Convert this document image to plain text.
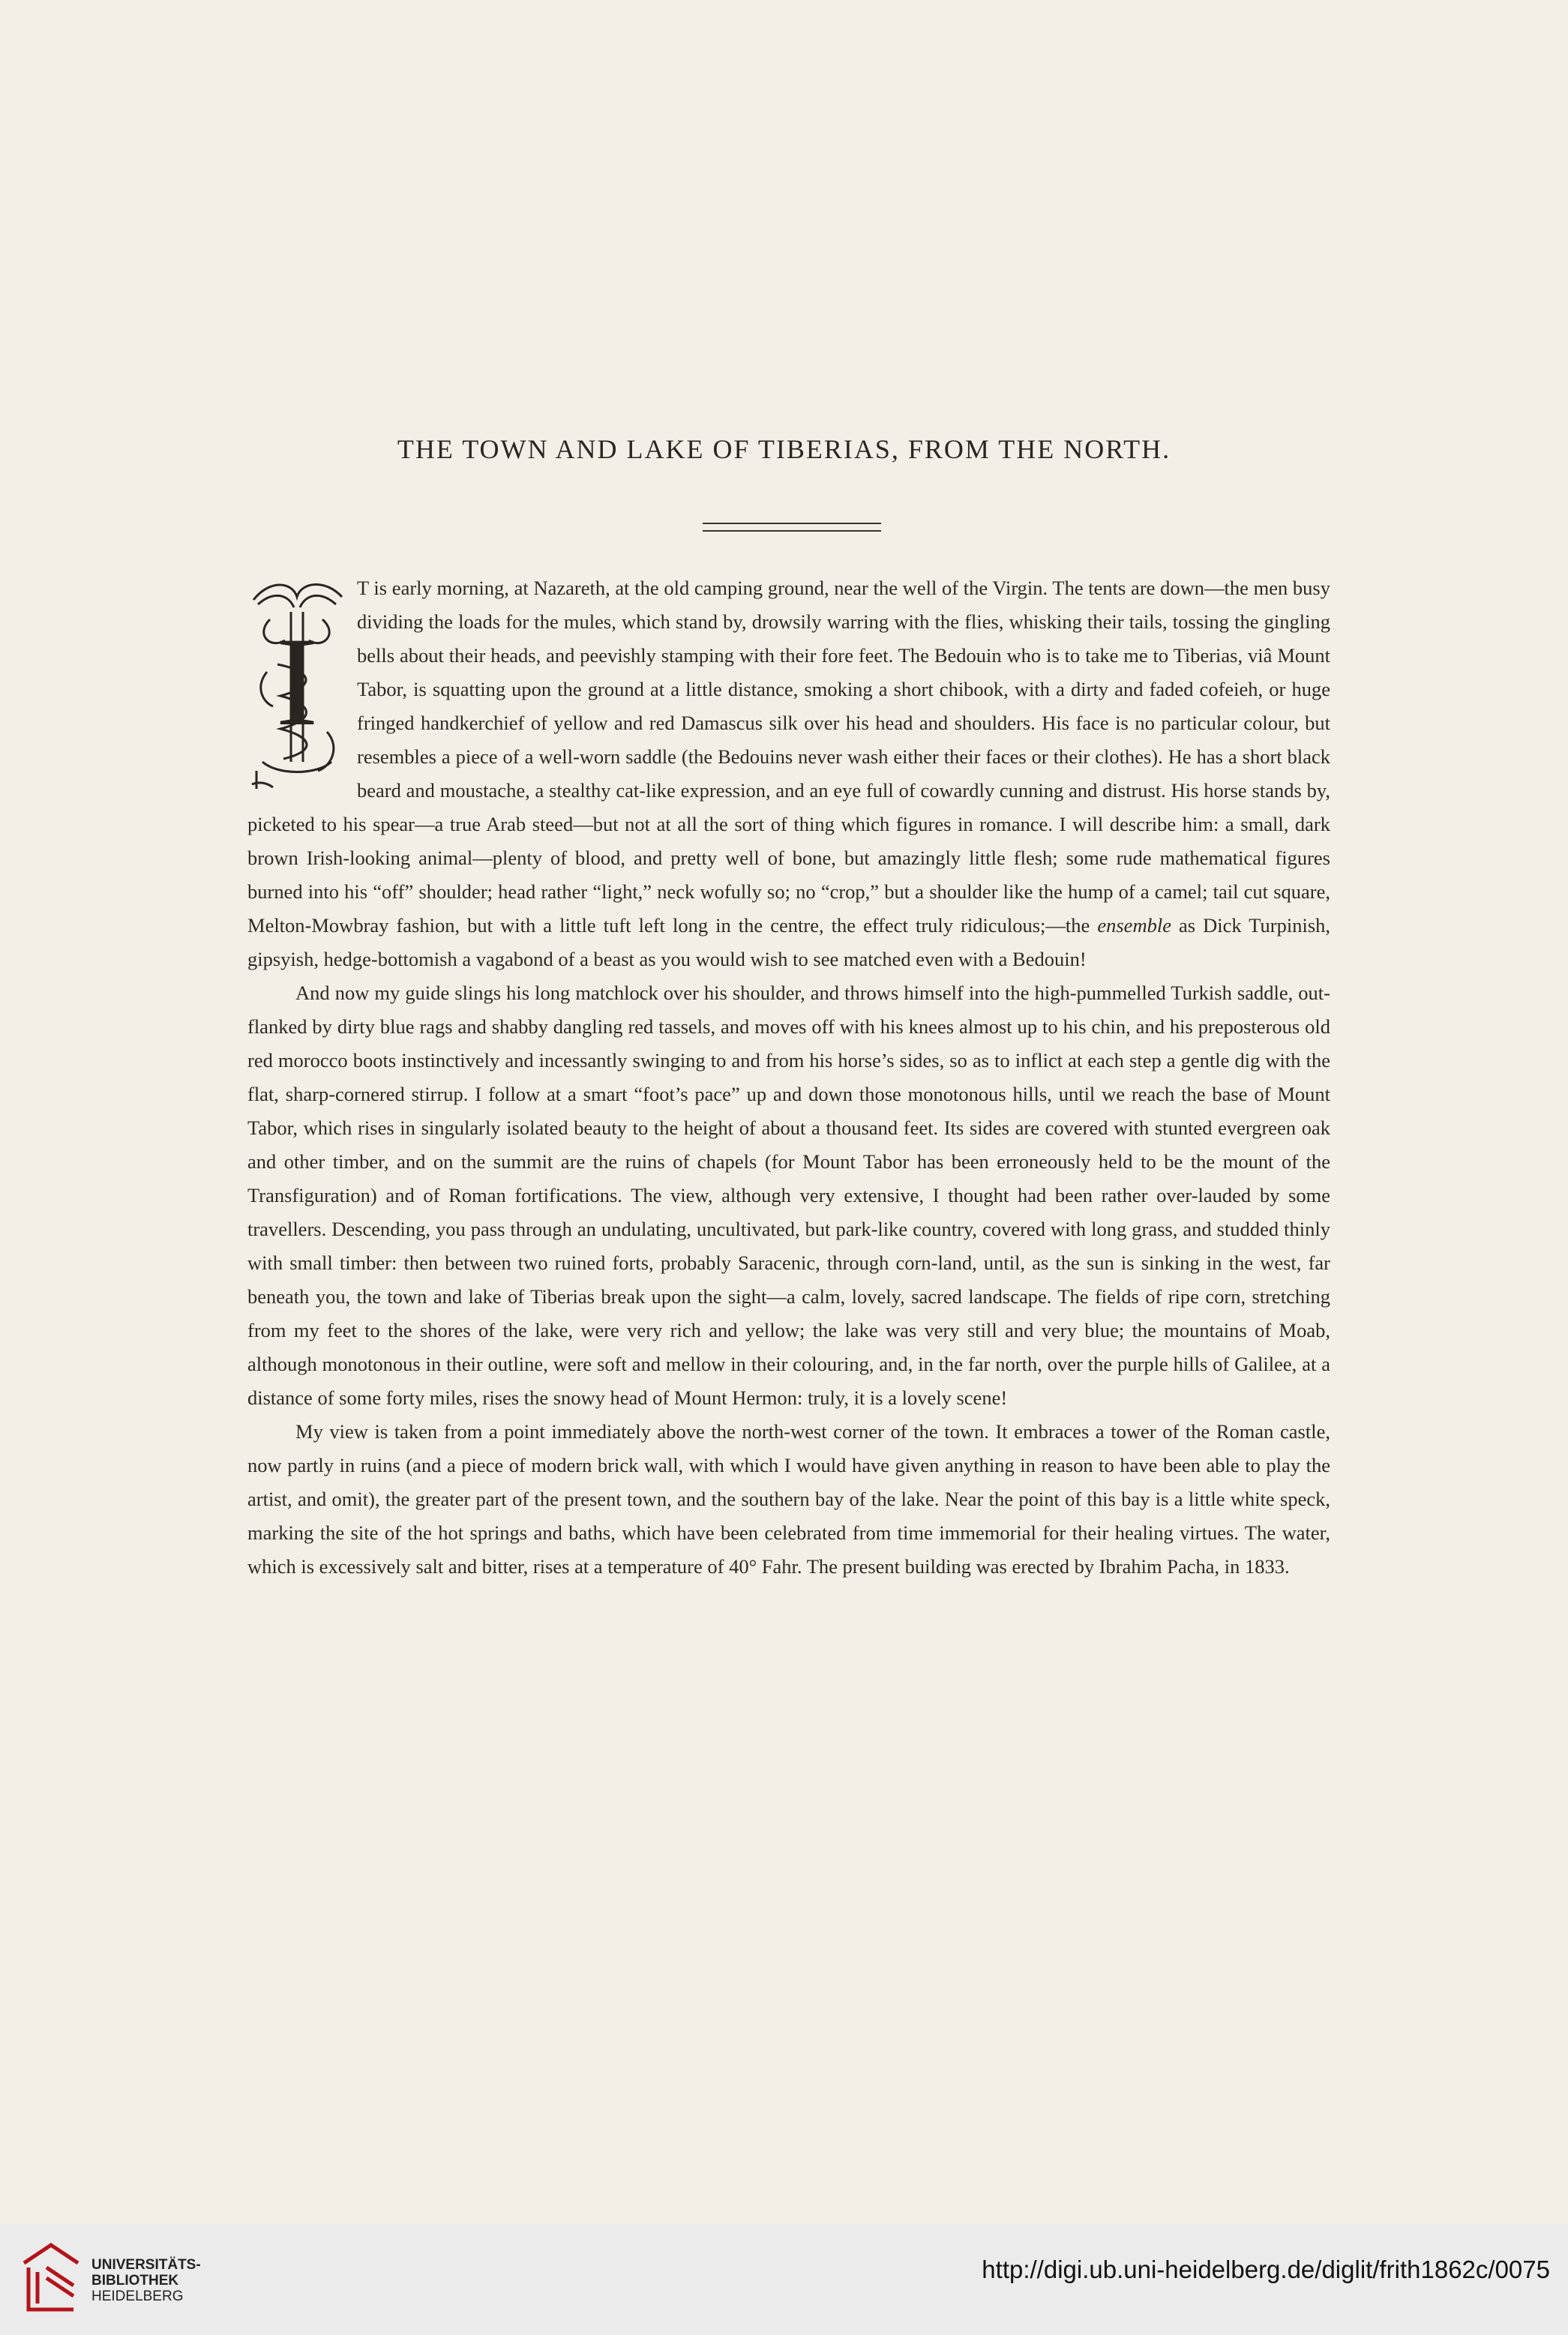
THE TOWN AND LAKE OF TIBERIAS, FROM THE NORTH.

I
T is early morning, at Nazareth, at the old camping ground, near the well of the Virgin. The tents are down—the men busy dividing the loads for the mules, which stand by, drowsily warring with the flies, whisking their tails, tossing the gingling bells about their heads, and peevishly stamping with their fore feet. The Bedouin who is to take me to Tiberias, viâ Mount Tabor, is squatting upon the ground at a little distance, smoking a short chibook, with a dirty and faded cofeieh, or huge fringed handkerchief of yellow and red Damascus silk over his head and shoulders. His face is no particular colour, but resembles a piece of a well-worn saddle (the Bedouins never wash either their faces or their clothes). He has a short black beard and moustache, a stealthy cat-like expression, and an eye full of cowardly cunning and distrust. His horse stands by, picketed to his spear—a true Arab steed—but not at all the sort of thing which figures in romance. I will describe him: a small, dark brown Irish-looking animal—plenty of blood, and pretty well of bone, but amazingly little flesh; some rude mathematical figures burned into his “off” shoulder; head rather “light,” neck wofully so; no “crop,” but a shoulder like the hump of a camel; tail cut square, Melton-Mowbray fashion, but with a little tuft left long in the centre, the effect truly ridiculous;—the ensemble as Dick Turpinish, gipsyish, hedge-bottomish a vagabond of a beast as you would wish to see matched even with a Bedouin!

And now my guide slings his long matchlock over his shoulder, and throws himself into the high-pummelled Turkish saddle, out-flanked by dirty blue rags and shabby dangling red tassels, and moves off with his knees almost up to his chin, and his preposterous old red morocco boots instinctively and incessantly swinging to and from his horse’s sides, so as to inflict at each step a gentle dig with the flat, sharp-cornered stirrup. I follow at a smart “foot’s pace” up and down those monotonous hills, until we reach the base of Mount Tabor, which rises in singularly isolated beauty to the height of about a thousand feet. Its sides are covered with stunted evergreen oak and other timber, and on the summit are the ruins of chapels (for Mount Tabor has been erroneously held to be the mount of the Transfiguration) and of Roman fortifications. The view, although very extensive, I thought had been rather over-lauded by some travellers. Descending, you pass through an undulating, uncultivated, but park-like country, covered with long grass, and studded thinly with small timber: then between two ruined forts, probably Saracenic, through corn-land, until, as the sun is sinking in the west, far beneath you, the town and lake of Tiberias break upon the sight—a calm, lovely, sacred landscape. The fields of ripe corn, stretching from my feet to the shores of the lake, were very rich and yellow; the lake was very still and very blue; the mountains of Moab, although monotonous in their outline, were soft and mellow in their colouring, and, in the far north, over the purple hills of Galilee, at a distance of some forty miles, rises the snowy head of Mount Hermon: truly, it is a lovely scene!

My view is taken from a point immediately above the north-west corner of the town. It embraces a tower of the Roman castle, now partly in ruins (and a piece of modern brick wall, with which I would have given anything in reason to have been able to play the artist, and omit), the greater part of the present town, and the southern bay of the lake. Near the point of this bay is a little white speck, marking the site of the hot springs and baths, which have been celebrated from time immemorial for their healing virtues. The water, which is excessively salt and bitter, rises at a temperature of 40° Fahr. The present building was erected by Ibrahim Pacha, in 1833.

UNIVERSITÄTS-
BIBLIOTHEK
HEIDELBERG
http://digi.ub.uni-heidelberg.de/diglit/frith1862c/0075
